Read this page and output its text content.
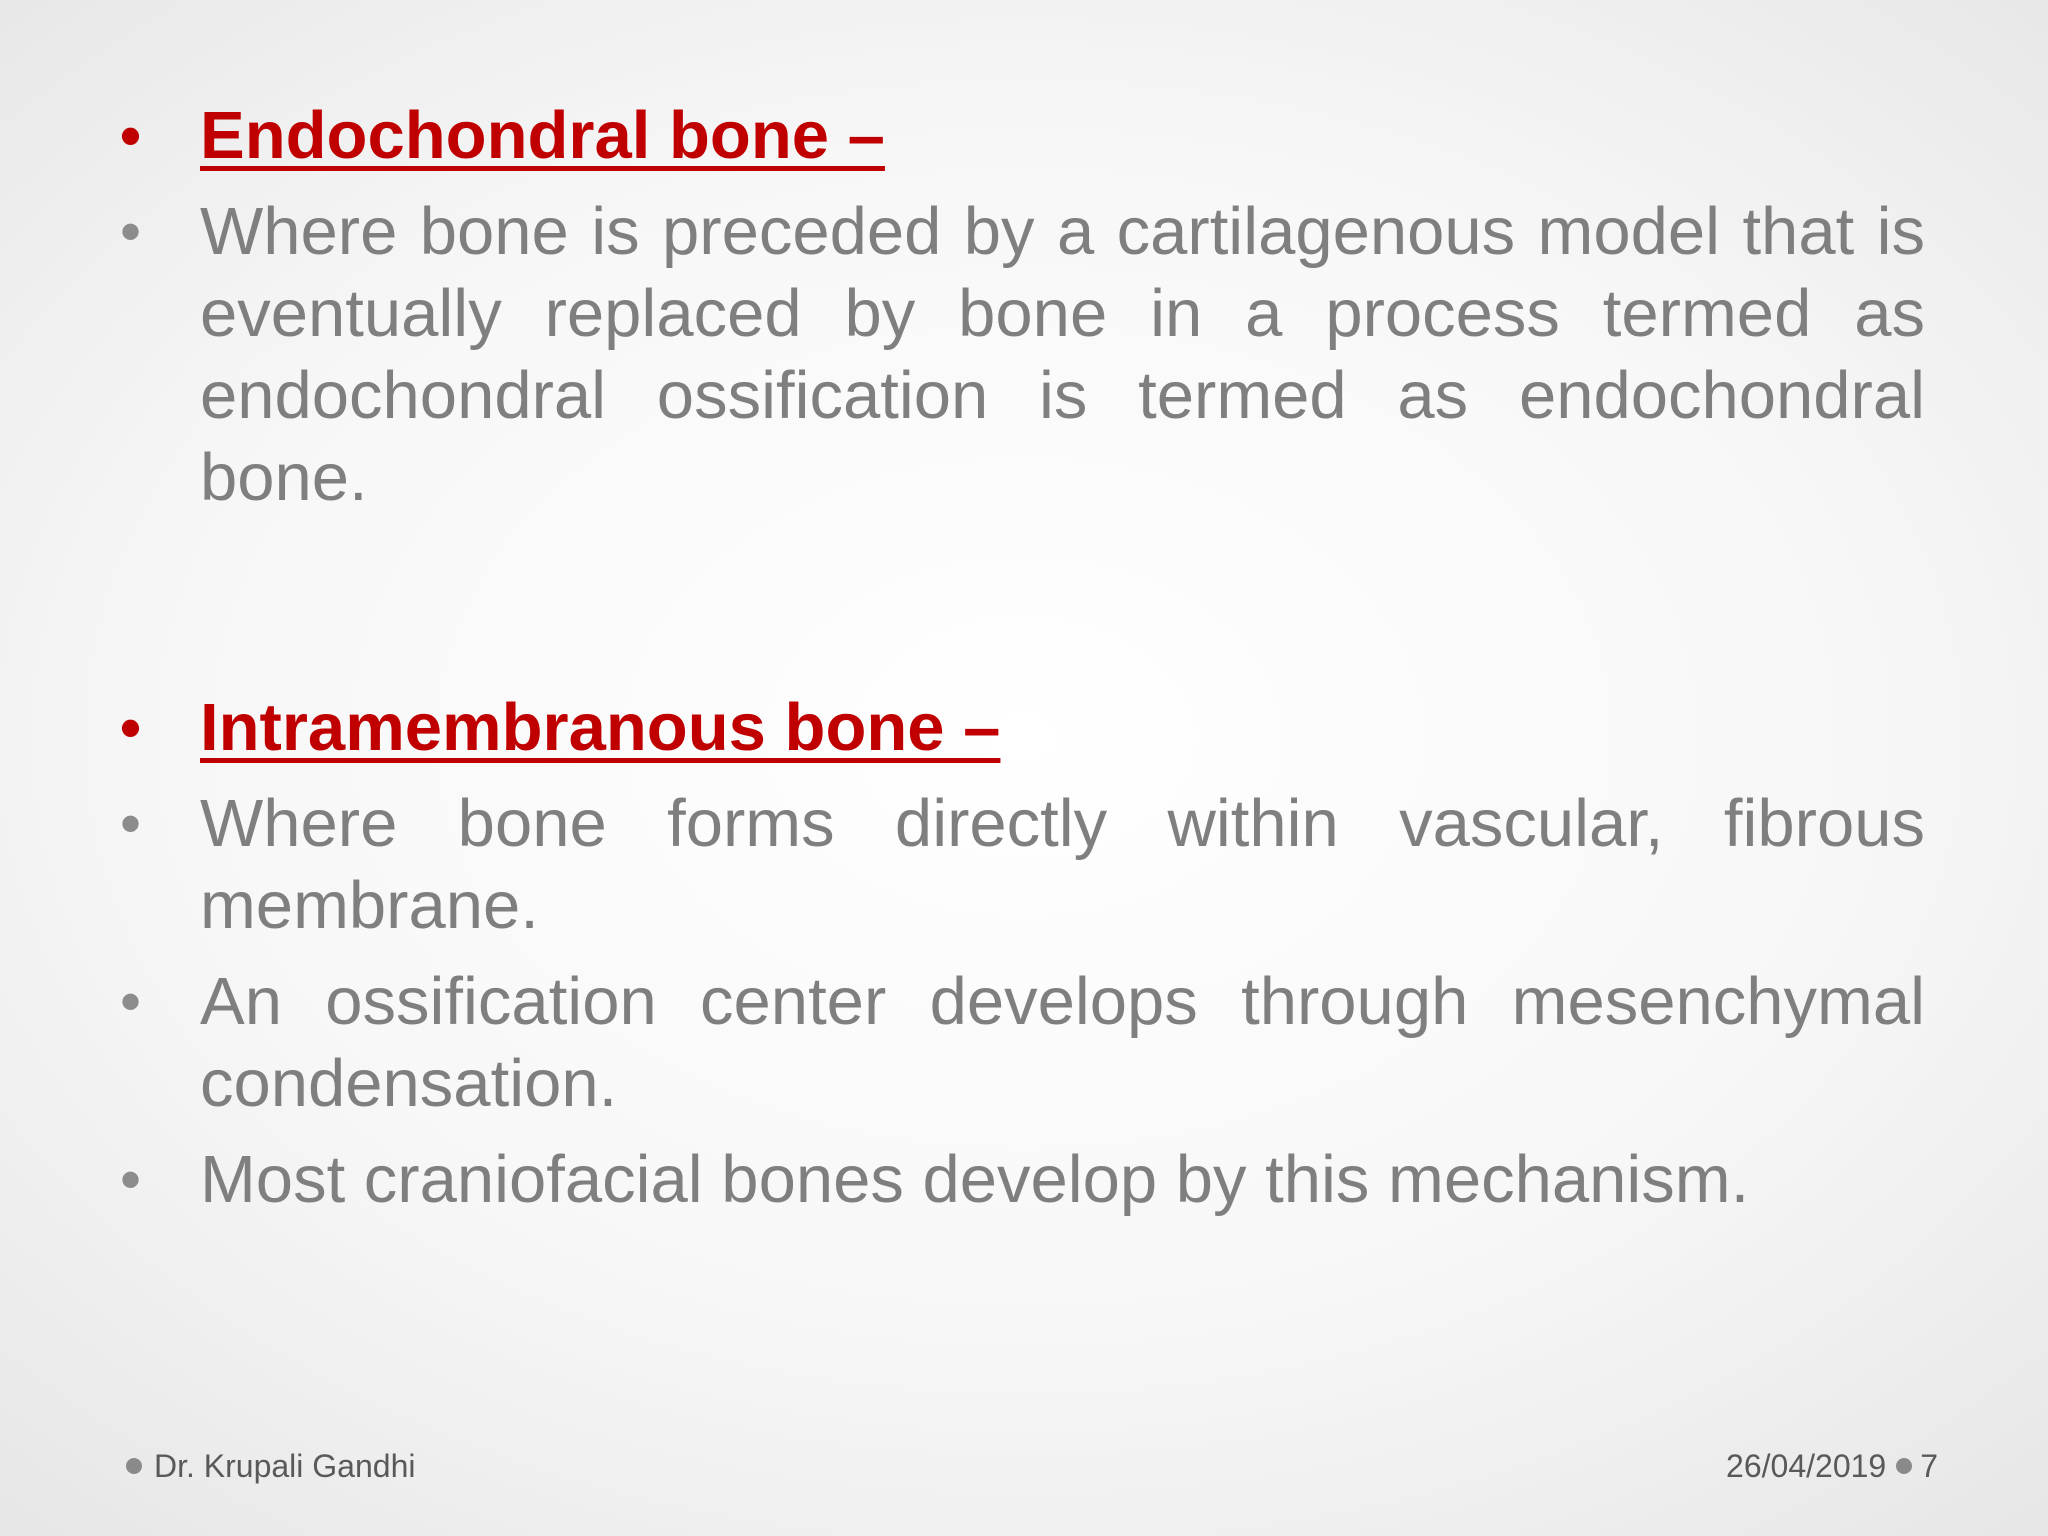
• Endochondral bone –
• Where bone is preceded by a cartilagenous model that is eventually replaced by bone in a process termed as endochondral ossification is termed as endochondral bone.
• Intramembranous bone –
• Where bone forms directly within vascular, fibrous membrane.
• An ossification center develops through mesenchymal condensation.
• Most craniofacial bones develop by this mechanism.
Dr. Krupali Gandhi	26/04/2019 7
